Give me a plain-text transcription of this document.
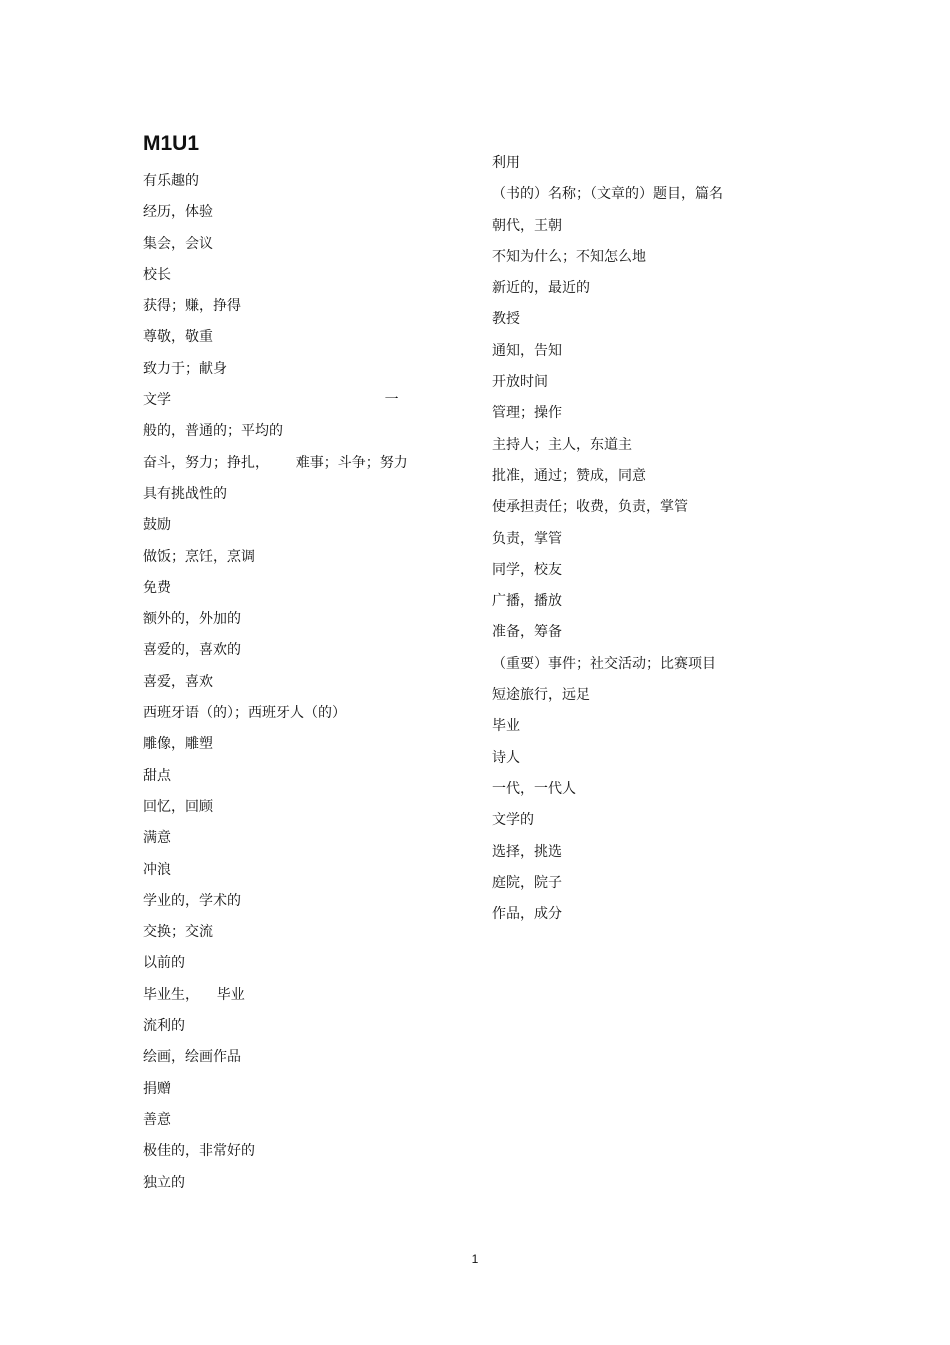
M1U1
有乐趣的
经历，体验
集会，会议
校长
获得；赚，挣得
尊敬，敬重
致力于；献身
文学                                                一
般的，普通的；平均的
奋斗，努力；挣扎，      难事；斗争；努力
具有挑战性的
鼓励
做饭；烹饪，烹调
免费
额外的，外加的
喜爱的，喜欢的
喜爱，喜欢
西班牙语（的）；西班牙人（的）
雕像，雕塑
甜点
回忆，回顾
满意
冲浪
学业的，学术的
交换；交流
以前的
毕业生，    毕业
流利的
绘画，绘画作品
捐赠
善意
极佳的，非常好的
独立的
利用
（书的）名称；（文章的）题目，篇名
朝代，王朝
不知为什么；不知怎么地
新近的，最近的
教授
通知，告知
开放时间
管理；操作
主持人；主人，东道主
批准，通过；赞成，同意
使承担责任；收费，负责，掌管
负责，掌管
同学，校友
广播，播放
准备，筹备
（重要）事件；社交活动；比赛项目
短途旅行，远足
毕业
诗人
一代，一代人
文学的
选择，挑选
庭院，院子
作品，成分
1
